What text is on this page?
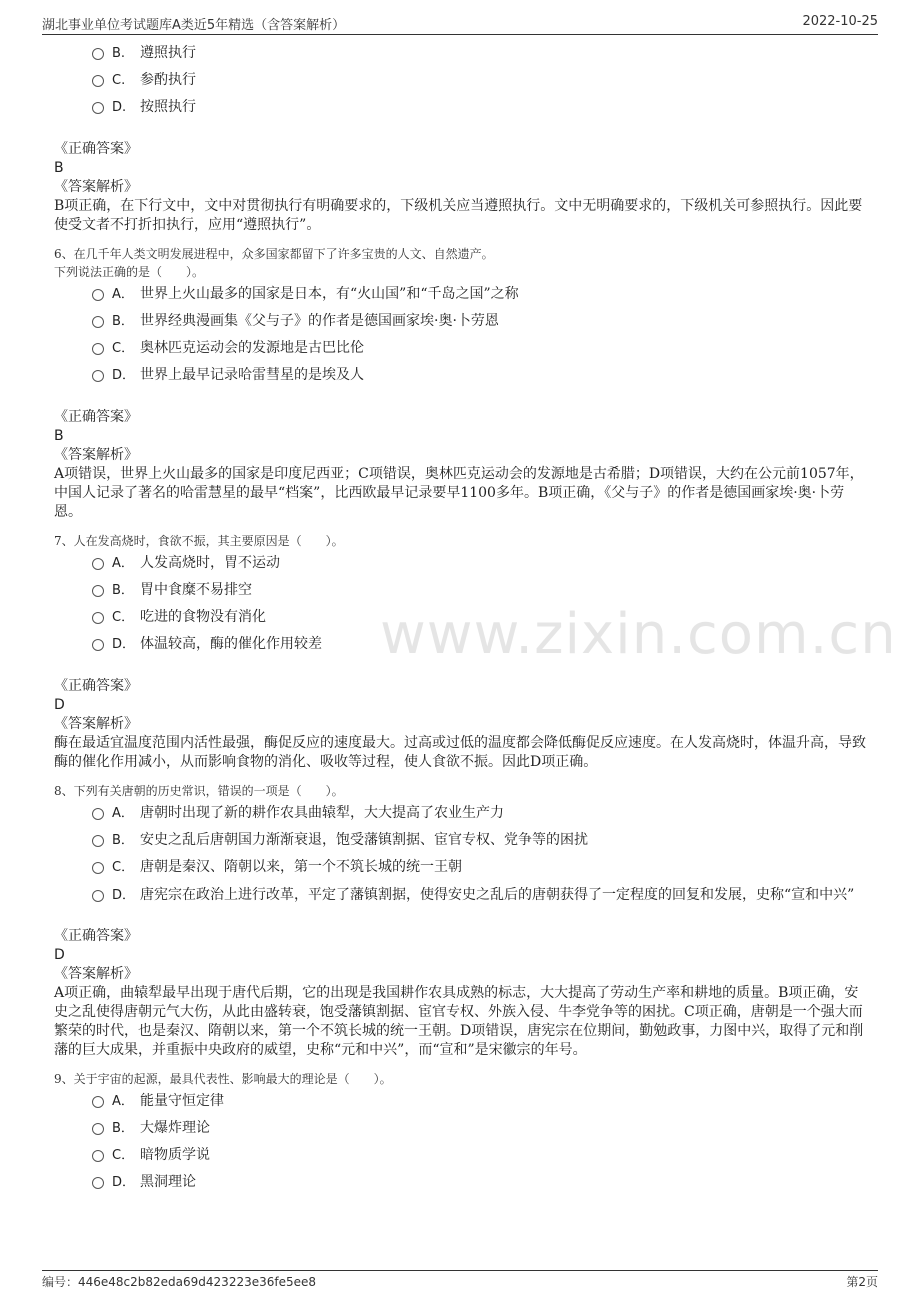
湖北事业单位考试题库A类近5年精选（含答案解析）	2022-10-25
www.zixin.com.cn
B. 遵照执行
C. 参酌执行
D. 按照执行
《正确答案》
B
《答案解析》
B项正确，在下行文中，文中对贯彻执行有明确要求的，下级机关应当遵照执行。文中无明确要求的，下级机关可参照执行。因此要使受文者不打折扣执行，应用“遵照执行”。
6、在几千年人类文明发展进程中，众多国家都留下了许多宝贵的人文、自然遗产。
下列说法正确的是（　　）。
A． 世界上火山最多的国家是日本，有“火山国”和“千岛之国”之称
B． 世界经典漫画集《父与子》的作者是德国画家埃·奥·卜劳恩
C． 奥林匹克运动会的发源地是古巴比伦
D． 世界上最早记录哈雷彗星的是埃及人
《正确答案》
B
《答案解析》
A项错误，世界上火山最多的国家是印度尼西亚；C项错误，奥林匹克运动会的发源地是古希腊；D项错误，大约在公元前1057年，中国人记录了著名的哈雷慧星的最早“档案”，比西欧最早记录要早1100多年。B项正确，《父与子》的作者是德国画家埃·奥·卜劳恩。
7、人在发高烧时，食欲不振，其主要原因是（　　）。
A． 人发高烧时，胃不运动
B． 胃中食糜不易排空
C． 吃进的食物没有消化
D． 体温较高，酶的催化作用较差
《正确答案》
D
《答案解析》
酶在最适宜温度范围内活性最强，酶促反应的速度最大。过高或过低的温度都会降低酶促反应速度。在人发高烧时，体温升高，导致酶的催化作用减小，从而影响食物的消化、吸收等过程，使人食欲不振。因此D项正确。
8、下列有关唐朝的历史常识，错误的一项是（　　）。
A． 唐朝时出现了新的耕作农具曲辕犁，大大提高了农业生产力
B． 安史之乱后唐朝国力渐渐衰退，饱受藩镇割据、宦官专权、党争等的困扰
C． 唐朝是秦汉、隋朝以来，第一个不筑长城的统一王朝
D． 唐宪宗在政治上进行改革，平定了藩镇割据，使得安史之乱后的唐朝获得了一定程度的回复和发展，史称“宣和中兴”
《正确答案》
D
《答案解析》
A项正确，曲辕犁最早出现于唐代后期，它的出现是我国耕作农具成熟的标志，大大提高了劳动生产率和耕地的质量。B项正确，安史之乱使得唐朝元气大伤，从此由盛转衰，饱受藩镇割据、宦官专权、外族入侵、牛李党争等的困扰。C项正确，唐朝是一个强大而繁荣的时代，也是秦汉、隋朝以来，第一个不筑长城的统一王朝。D项错误，唐宪宗在位期间，勤勉政事，力图中兴，取得了元和削藩的巨大成果，并重振中央政府的威望，史称“元和中兴”，而“宣和”是宋徽宗的年号。
9、关于宇宙的起源，最具代表性、影响最大的理论是（　　）。
A． 能量守恒定律
B． 大爆炸理论
C． 暗物质学说
D． 黑洞理论
编号：446e48c2b82eda69d423223e36fe5ee8	第2页
